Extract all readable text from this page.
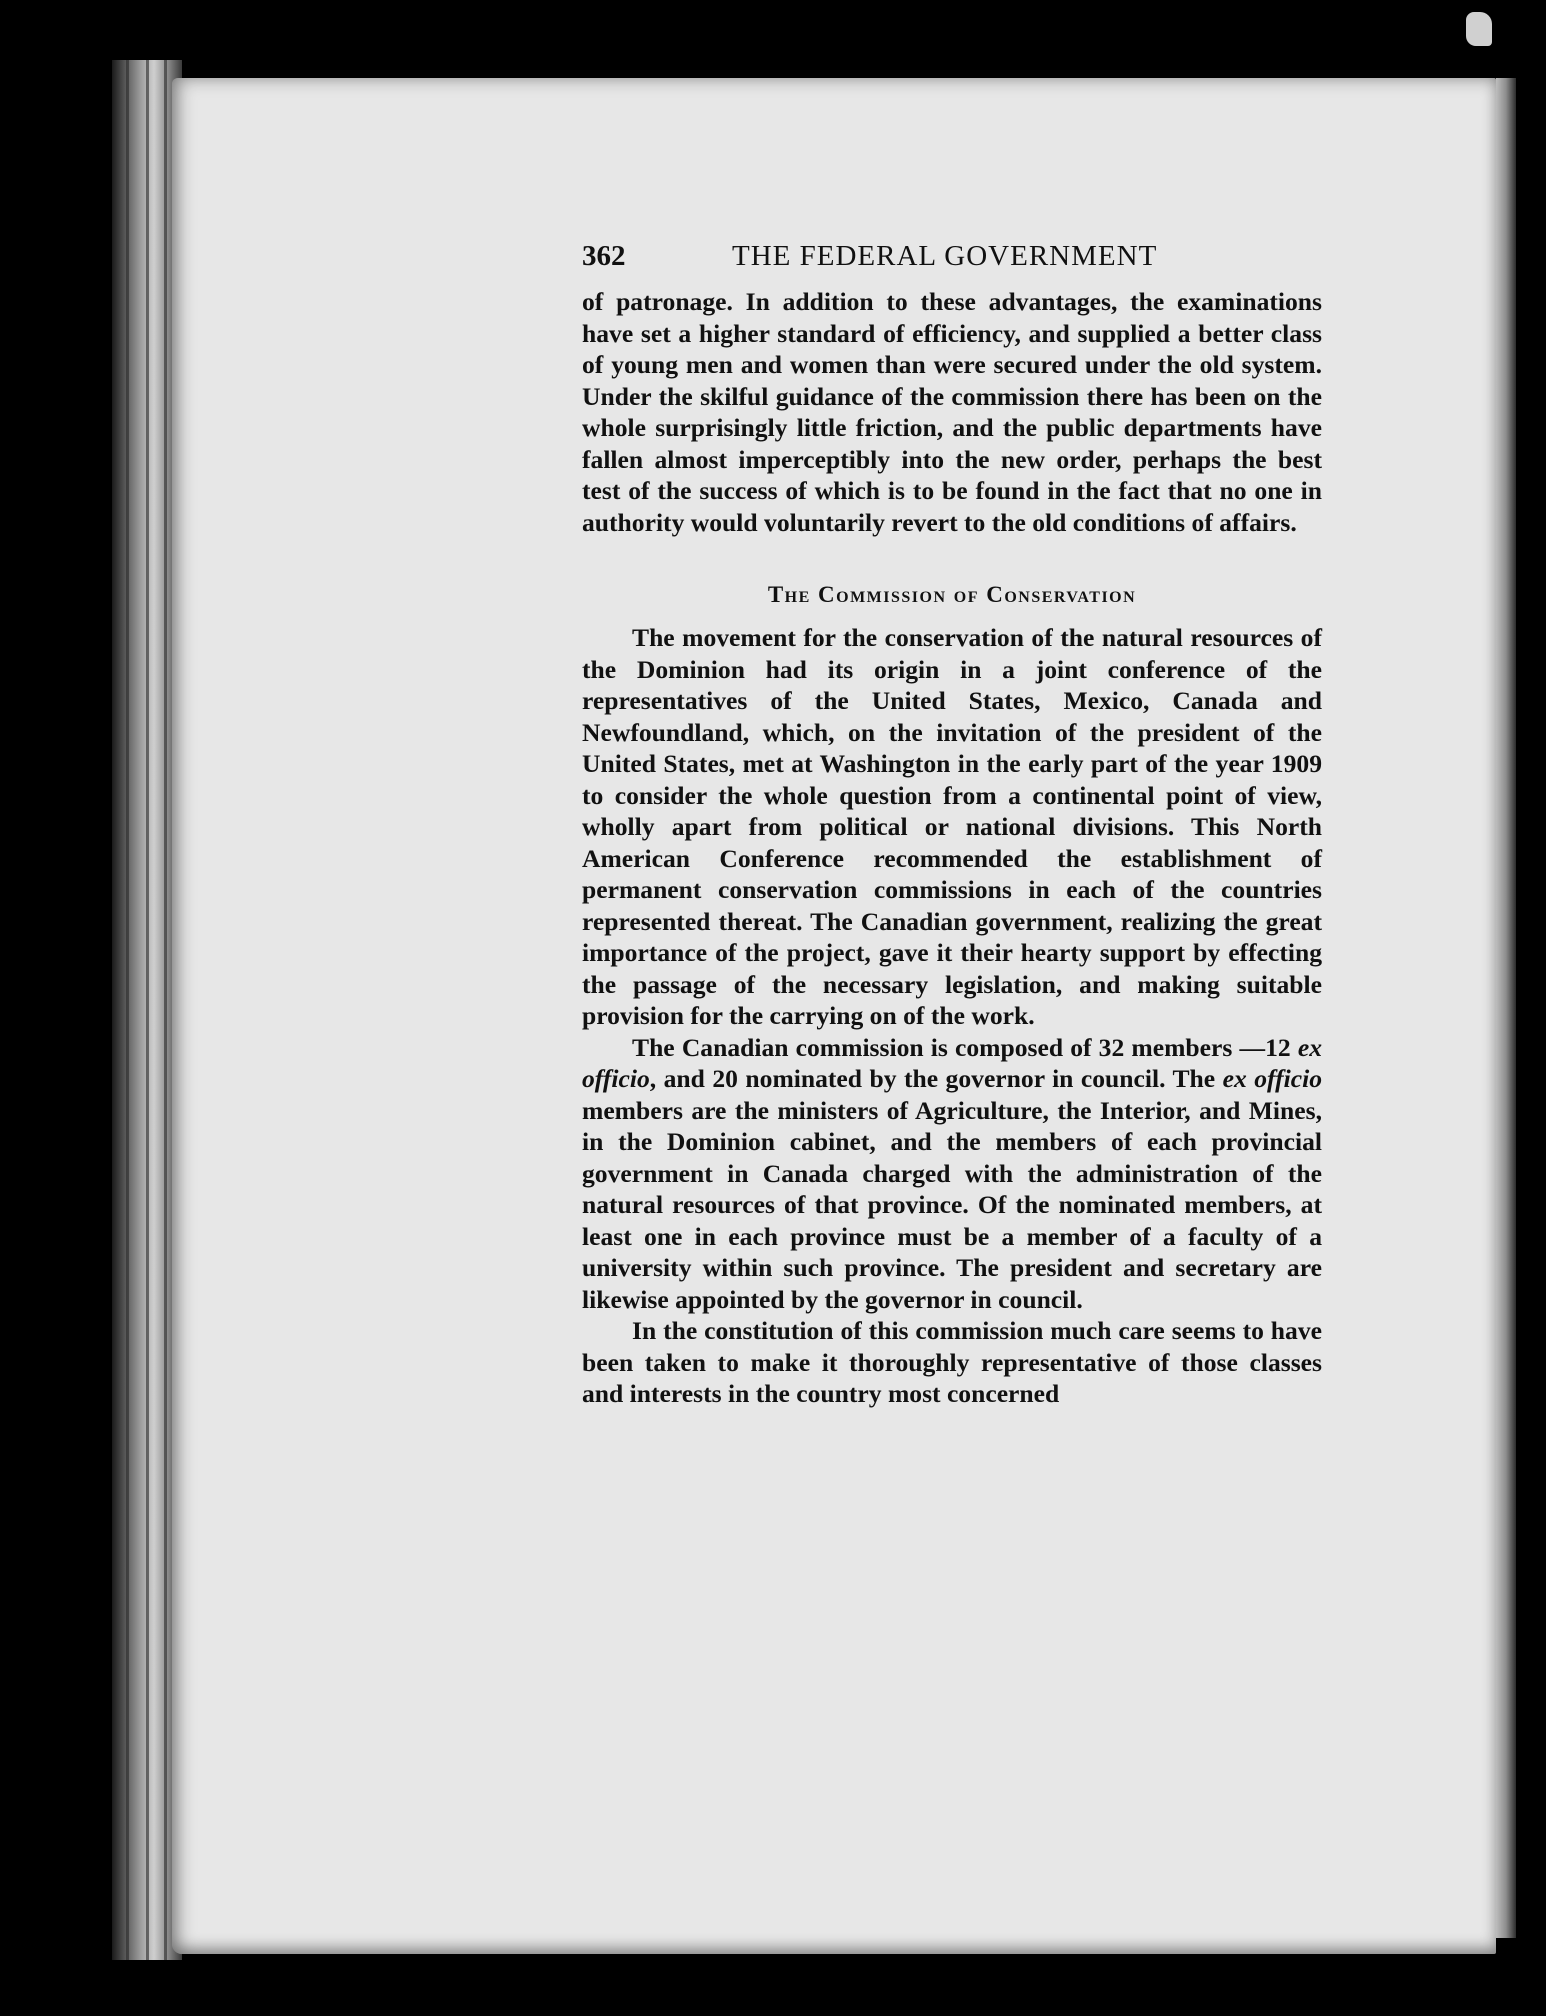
362	THE FEDERAL GOVERNMENT

of patronage. In addition to these advantages, the examinations have set a higher standard of efficiency, and supplied a better class of young men and women than were secured under the old system. Under the skilful guidance of the commission there has been on the whole surprisingly little friction, and the public departments have fallen almost imperceptibly into the new order, perhaps the best test of the success of which is to be found in the fact that no one in authority would voluntarily revert to the old conditions of affairs.

The Commission of Conservation

The movement for the conservation of the natural resources of the Dominion had its origin in a joint conference of the representatives of the United States, Mexico, Canada and Newfoundland, which, on the invitation of the president of the United States, met at Washington in the early part of the year 1909 to consider the whole question from a continental point of view, wholly apart from political or national divisions. This North American Conference recommended the establishment of permanent conservation commissions in each of the countries represented thereat. The Canadian government, realizing the great importance of the project, gave it their hearty support by effecting the passage of the necessary legislation, and making suitable provision for the carrying on of the work.

The Canadian commission is composed of 32 members —12 ex officio, and 20 nominated by the governor in council. The ex officio members are the ministers of Agriculture, the Interior, and Mines, in the Dominion cabinet, and the members of each provincial government in Canada charged with the administration of the natural resources of that province. Of the nominated members, at least one in each province must be a member of a faculty of a university within such province. The president and secretary are likewise appointed by the governor in council.

In the constitution of this commission much care seems to have been taken to make it thoroughly representative of those classes and interests in the country most concerned
